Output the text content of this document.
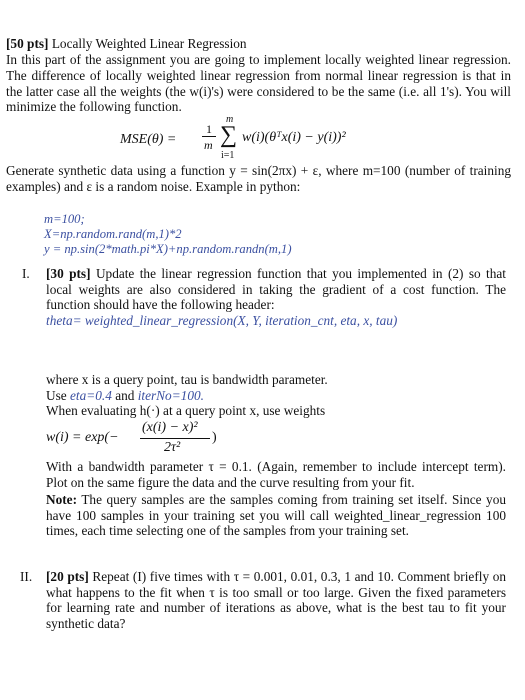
[50 pts] Locally Weighted Linear Regression
In this part of the assignment you are going to implement locally weighted linear regression. The difference of locally weighted linear regression from normal linear regression is that in the latter case all the weights (the w(i)'s) were considered to be the same (i.e. all 1's). You will minimize the following function.
MSE(θ) =
1
m
m
∑
i=1
w(i)(θᵀx(i) − y(i))²
Generate synthetic data using a function y = sin(2πx) + ε, where m=100 (number of training examples) and ε is a random noise. Example in python:
m=100;
X=np.random.rand(m,1)*2
y = np.sin(2*math.pi*X)+np.random.randn(m,1)
I. [30 pts] Update the linear regression function that you implemented in (2) so that local weights are also considered in taking the gradient of a cost function. The function should have the following header:
theta= weighted_linear_regression(X, Y, iteration_cnt, eta, x, tau)
where x is a query point, tau is bandwidth parameter.
Use eta=0.4 and iterNo=100.
When evaluating h(·) at a query point x, use weights
w(i) = exp(−
(x(i) − x)²
2τ²
)
With a bandwidth parameter τ = 0.1. (Again, remember to include intercept term). Plot on the same figure the data and the curve resulting from your fit.
Note: The query samples are the samples coming from training set itself. Since you have 100 samples in your training set you will call weighted_linear_regression 100 times, each time selecting one of the samples from your training set.
II. [20 pts] Repeat (I) five times with τ = 0.001, 0.01, 0.3, 1 and 10. Comment briefly on what happens to the fit when τ is too small or too large. Given the fixed parameters for learning rate and number of iterations as above, what is the best tau to fit your synthetic data?
